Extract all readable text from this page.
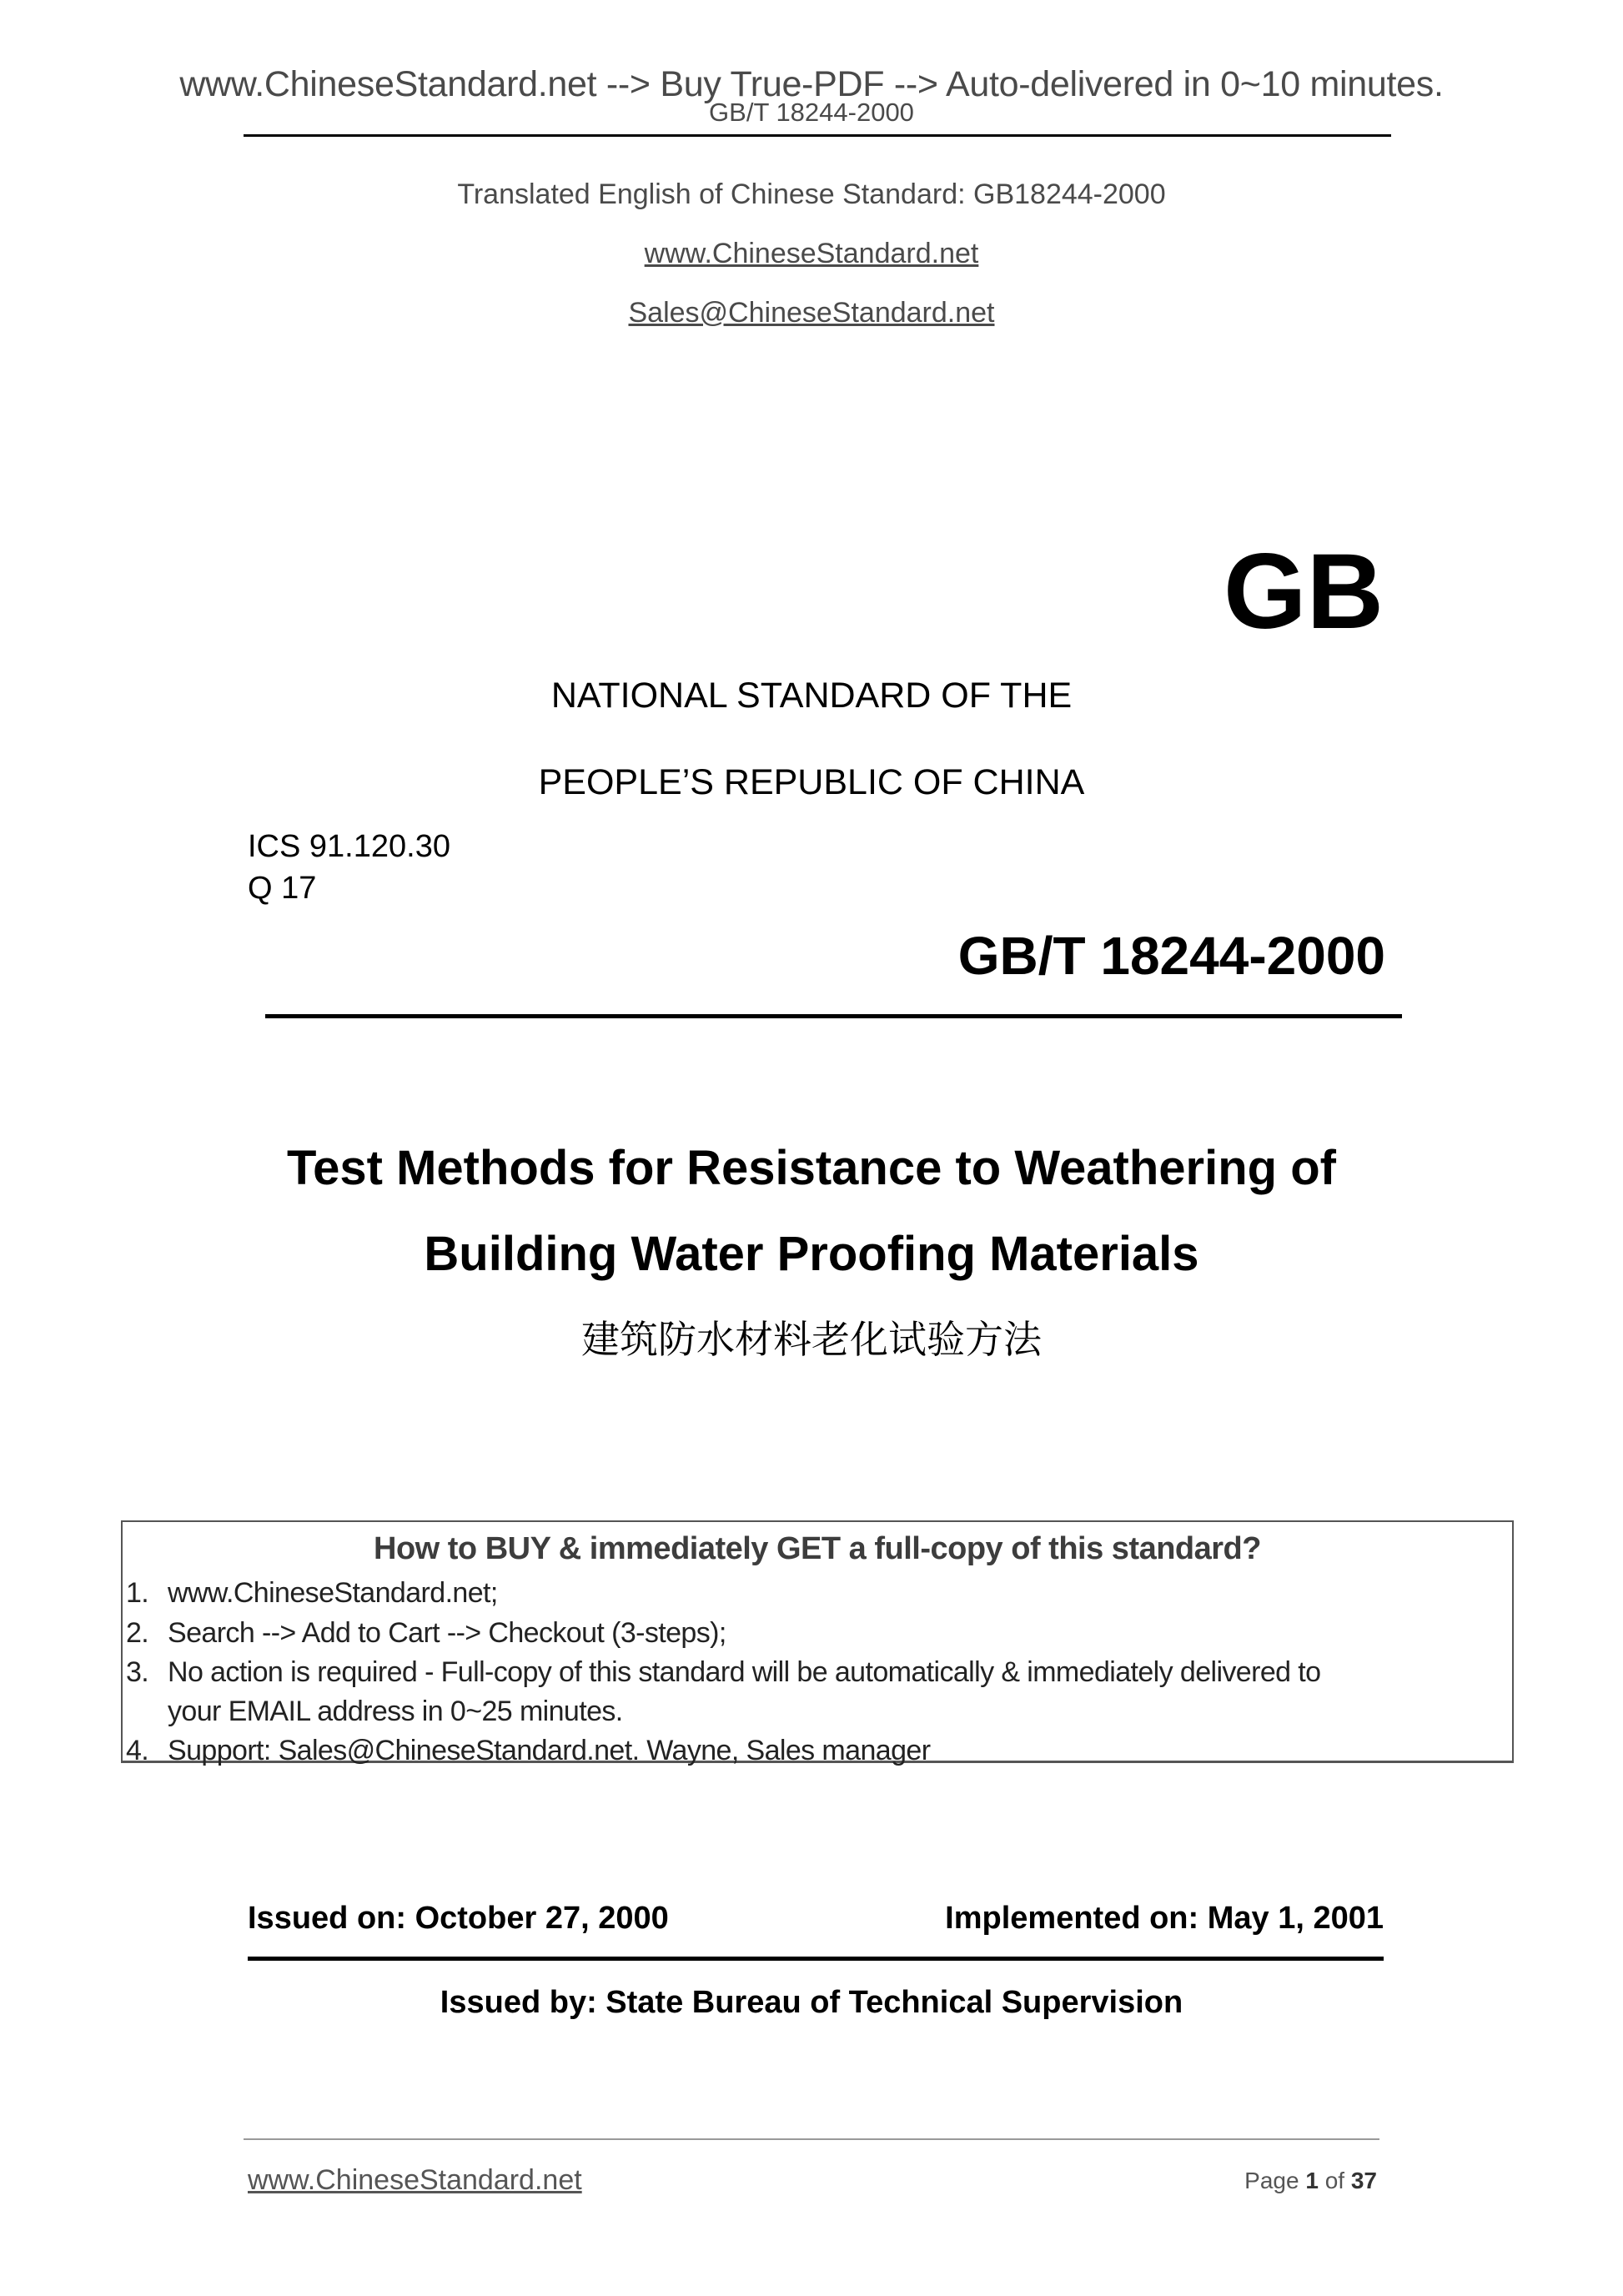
www.ChineseStandard.net --> Buy True-PDF --> Auto-delivered in 0~10 minutes.
GB/T 18244-2000
Translated English of Chinese Standard: GB18244-2000
www.ChineseStandard.net
Sales@ChineseStandard.net
GB
NATIONAL STANDARD OF THE
PEOPLE’S REPUBLIC OF CHINA
ICS 91.120.30
Q 17
GB/T 18244-2000
Test Methods for Resistance to Weathering of
Building Water Proofing Materials
建筑防水材料老化试验方法
How to BUY & immediately GET a full-copy of this standard?
1. www.ChineseStandard.net;
2. Search --> Add to Cart --> Checkout (3-steps);
3. No action is required - Full-copy of this standard will be automatically & immediately delivered to
your EMAIL address in 0~25 minutes.
4. Support: Sales@ChineseStandard.net. Wayne, Sales manager
Issued on: October 27, 2000	Implemented on: May 1, 2001
Issued by: State Bureau of Technical Supervision
www.ChineseStandard.net	Page 1 of 37
